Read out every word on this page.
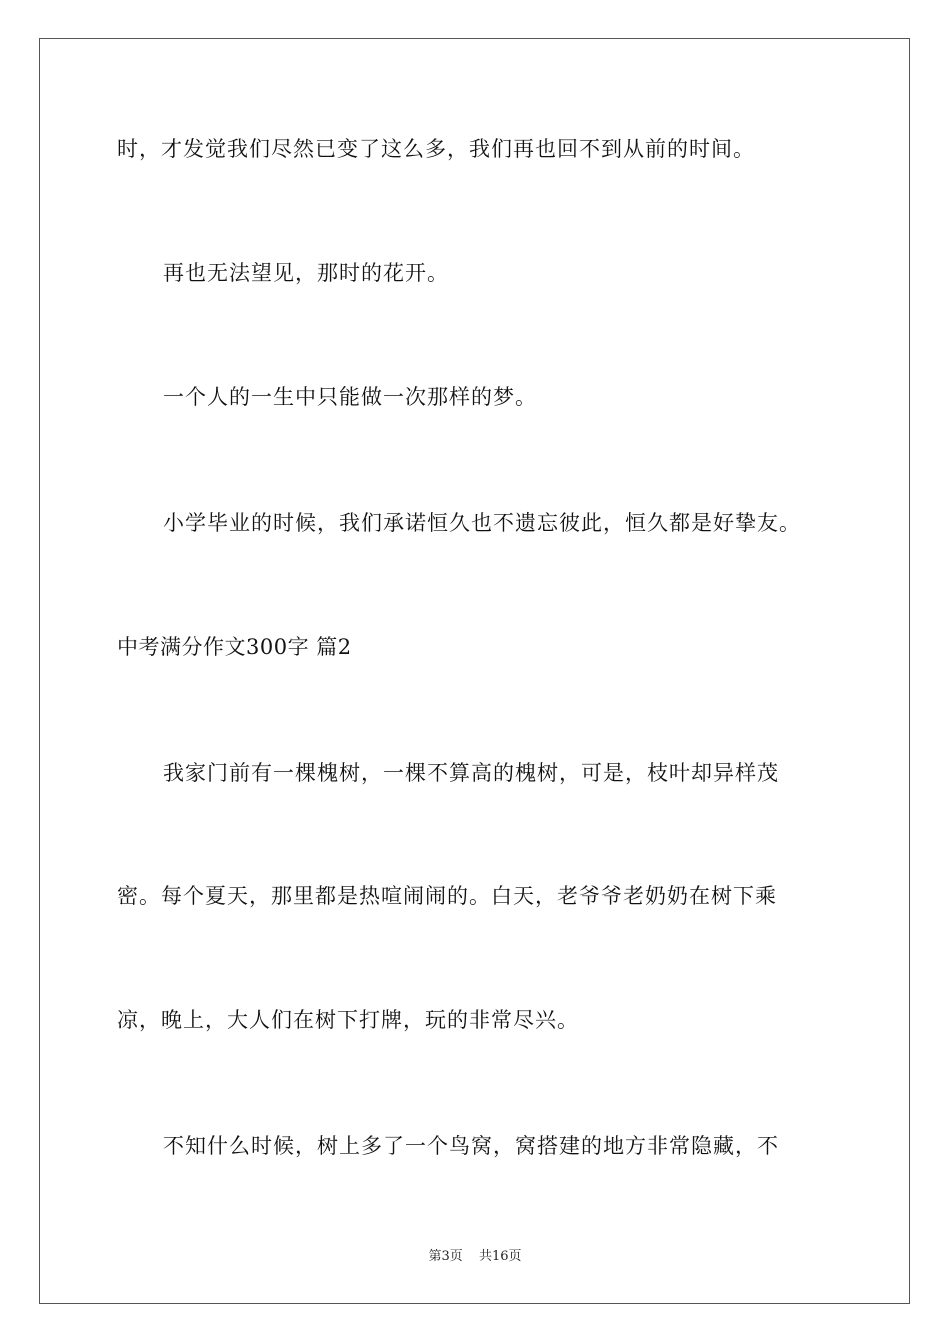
时，才发觉我们尽然已变了这么多，我们再也回不到从前的时间。
再也无法望见，那时的花开。
一个人的一生中只能做一次那样的梦。
小学毕业的时候，我们承诺恒久也不遗忘彼此，恒久都是好挚友。
中考满分作文300字 篇2
我家门前有一棵槐树，一棵不算高的槐树，可是，枝叶却异样茂
密。每个夏天，那里都是热喧闹闹的。白天，老爷爷老奶奶在树下乘
凉，晚上，大人们在树下打牌，玩的非常尽兴。
不知什么时候，树上多了一个鸟窝，窝搭建的地方非常隐藏，不
第3页 共16页
